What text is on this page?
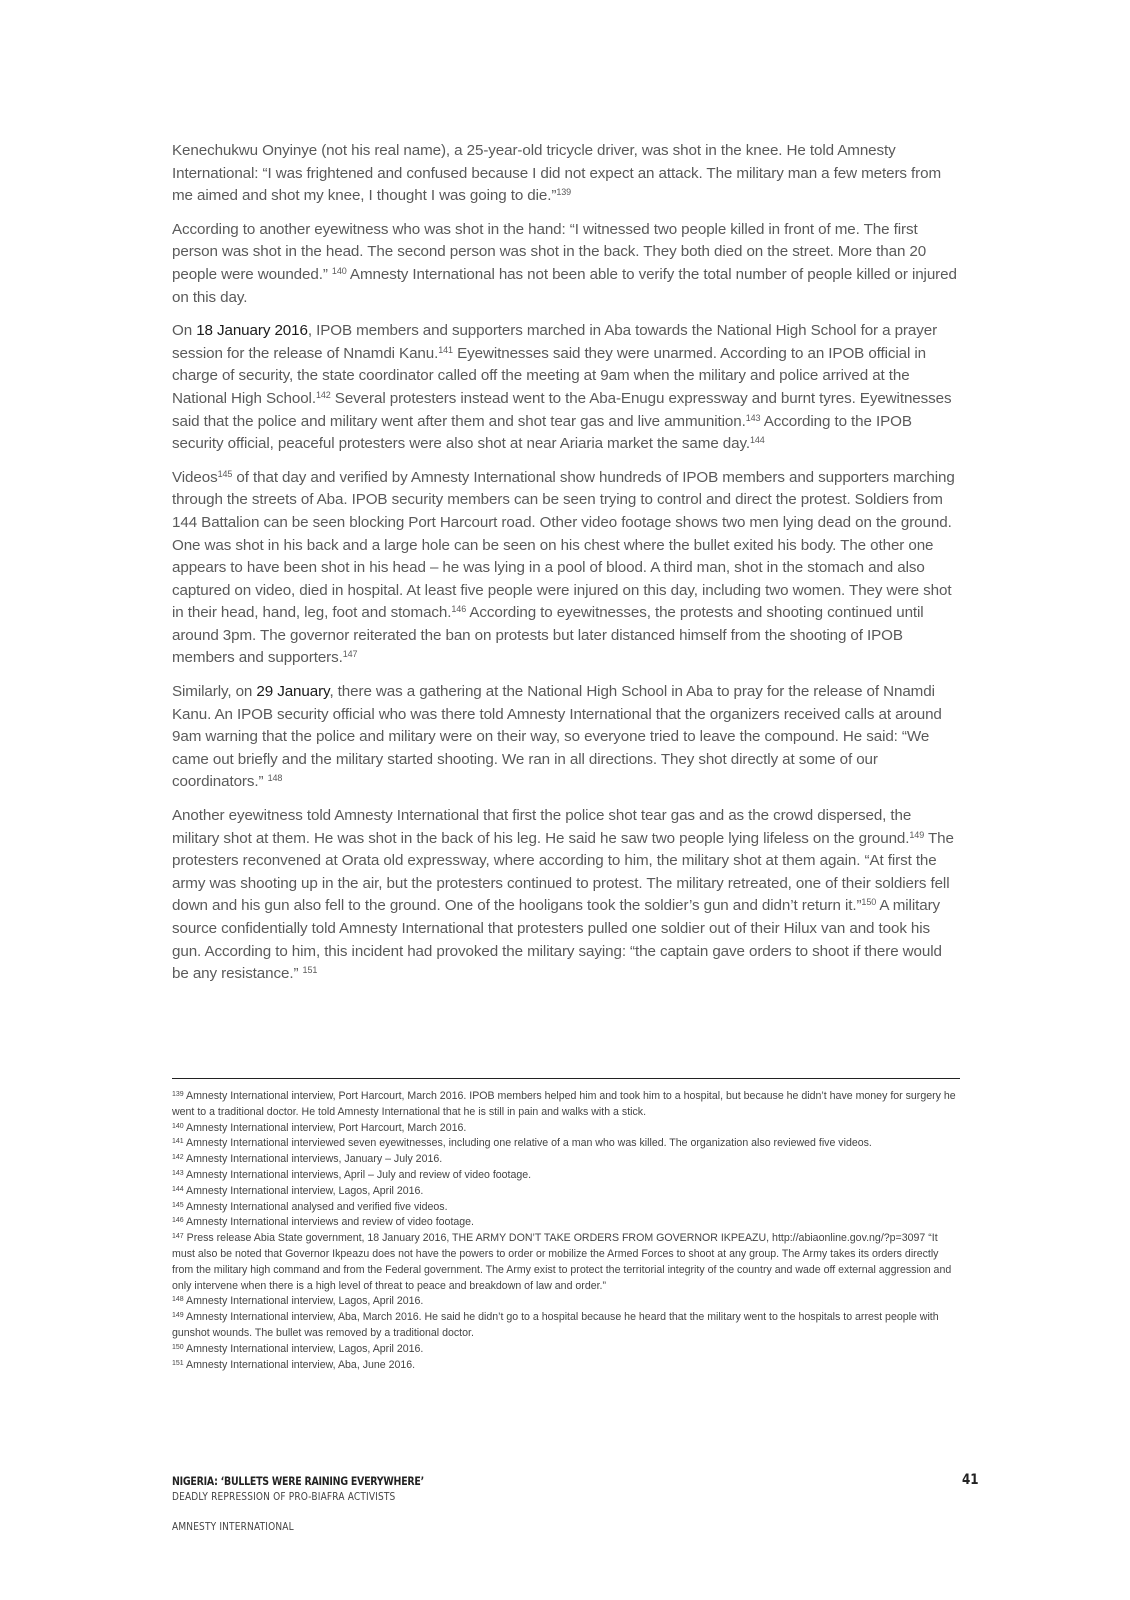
Kenechukwu Onyinye (not his real name), a 25-year-old tricycle driver, was shot in the knee. He told Amnesty International: “I was frightened and confused because I did not expect an attack. The military man a few meters from me aimed and shot my knee, I thought I was going to die.”$^{139}$

According to another eyewitness who was shot in the hand: “I witnessed two people killed in front of me. The first person was shot in the head. The second person was shot in the back. They both died on the street. More than 20 people were wounded.” $^{140}$ Amnesty International has not been able to verify the total number of people killed or injured on this day.

On 18 January 2016, IPOB members and supporters marched in Aba towards the National High School for a prayer session for the release of Nnamdi Kanu.$^{141}$ Eyewitnesses said they were unarmed. According to an IPOB official in charge of security, the state coordinator called off the meeting at 9am when the military and police arrived at the National High School.$^{142}$ Several protesters instead went to the Aba-Enugu expressway and burnt tyres. Eyewitnesses said that the police and military went after them and shot tear gas and live ammunition.$^{143}$ According to the IPOB security official, peaceful protesters were also shot at near Ariaria market the same day.$^{144}$

Videos$^{145}$ of that day and verified by Amnesty International show hundreds of IPOB members and supporters marching through the streets of Aba. IPOB security members can be seen trying to control and direct the protest. Soldiers from 144 Battalion can be seen blocking Port Harcourt road. Other video footage shows two men lying dead on the ground. One was shot in his back and a large hole can be seen on his chest where the bullet exited his body. The other one appears to have been shot in his head – he was lying in a pool of blood. A third man, shot in the stomach and also captured on video, died in hospital. At least five people were injured on this day, including two women. They were shot in their head, hand, leg, foot and stomach.$^{146}$ According to eyewitnesses, the protests and shooting continued until around 3pm. The governor reiterated the ban on protests but later distanced himself from the shooting of IPOB members and supporters.$^{147}$

Similarly, on 29 January, there was a gathering at the National High School in Aba to pray for the release of Nnamdi Kanu. An IPOB security official who was there told Amnesty International that the organizers received calls at around 9am warning that the police and military were on their way, so everyone tried to leave the compound. He said: “We came out briefly and the military started shooting. We ran in all directions. They shot directly at some of our coordinators.” $^{148}$

Another eyewitness told Amnesty International that first the police shot tear gas and as the crowd dispersed, the military shot at them. He was shot in the back of his leg. He said he saw two people lying lifeless on the ground.$^{149}$ The protesters reconvened at Orata old expressway, where according to him, the military shot at them again. “At first the army was shooting up in the air, but the protesters continued to protest. The military retreated, one of their soldiers fell down and his gun also fell to the ground. One of the hooligans took the soldier’s gun and didn’t return it.”$^{150}$ A military source confidentially told Amnesty International that protesters pulled one soldier out of their Hilux van and took his gun. According to him, this incident had provoked the military saying: “the captain gave orders to shoot if there would be any resistance.” $^{151}$

$^{139}$ Amnesty International interview, Port Harcourt, March 2016. IPOB members helped him and took him to a hospital, but because he didn’t have money for surgery he went to a traditional doctor. He told Amnesty International that he is still in pain and walks with a stick.

$^{140}$ Amnesty International interview, Port Harcourt, March 2016.

$^{141}$ Amnesty International interviewed seven eyewitnesses, including one relative of a man who was killed. The organization also reviewed five videos.

$^{142}$ Amnesty International interviews, January – July 2016.

$^{143}$ Amnesty International interviews, April – July and review of video footage.

$^{144}$ Amnesty International interview, Lagos, April 2016.

$^{145}$ Amnesty International analysed and verified five videos.

$^{146}$ Amnesty International interviews and review of video footage.

$^{147}$ Press release Abia State government, 18 January 2016, THE ARMY DON’T TAKE ORDERS FROM GOVERNOR IKPEAZU, http://abiaonline.gov.ng/?p=3097 “It must also be noted that Governor Ikpeazu does not have the powers to order or mobilize the Armed Forces to shoot at any group. The Army takes its orders directly from the military high command and from the Federal government. The Army exist to protect the territorial integrity of the country and wade off external aggression and only intervene when there is a high level of threat to peace and breakdown of law and order.”

$^{148}$ Amnesty International interview, Lagos, April 2016.

$^{149}$ Amnesty International interview, Aba, March 2016. He said he didn’t go to a hospital because he heard that the military went to the hospitals to arrest people with gunshot wounds. The bullet was removed by a traditional doctor.

$^{150}$ Amnesty International interview, Lagos, April 2016.

$^{151}$ Amnesty International interview, Aba, June 2016.

NIGERIA: ‘BULLETS WERE RAINING EVERYWHERE’
DEADLY REPRESSION OF PRO-BIAFRA ACTIVISTS
AMNESTY INTERNATIONAL
41
